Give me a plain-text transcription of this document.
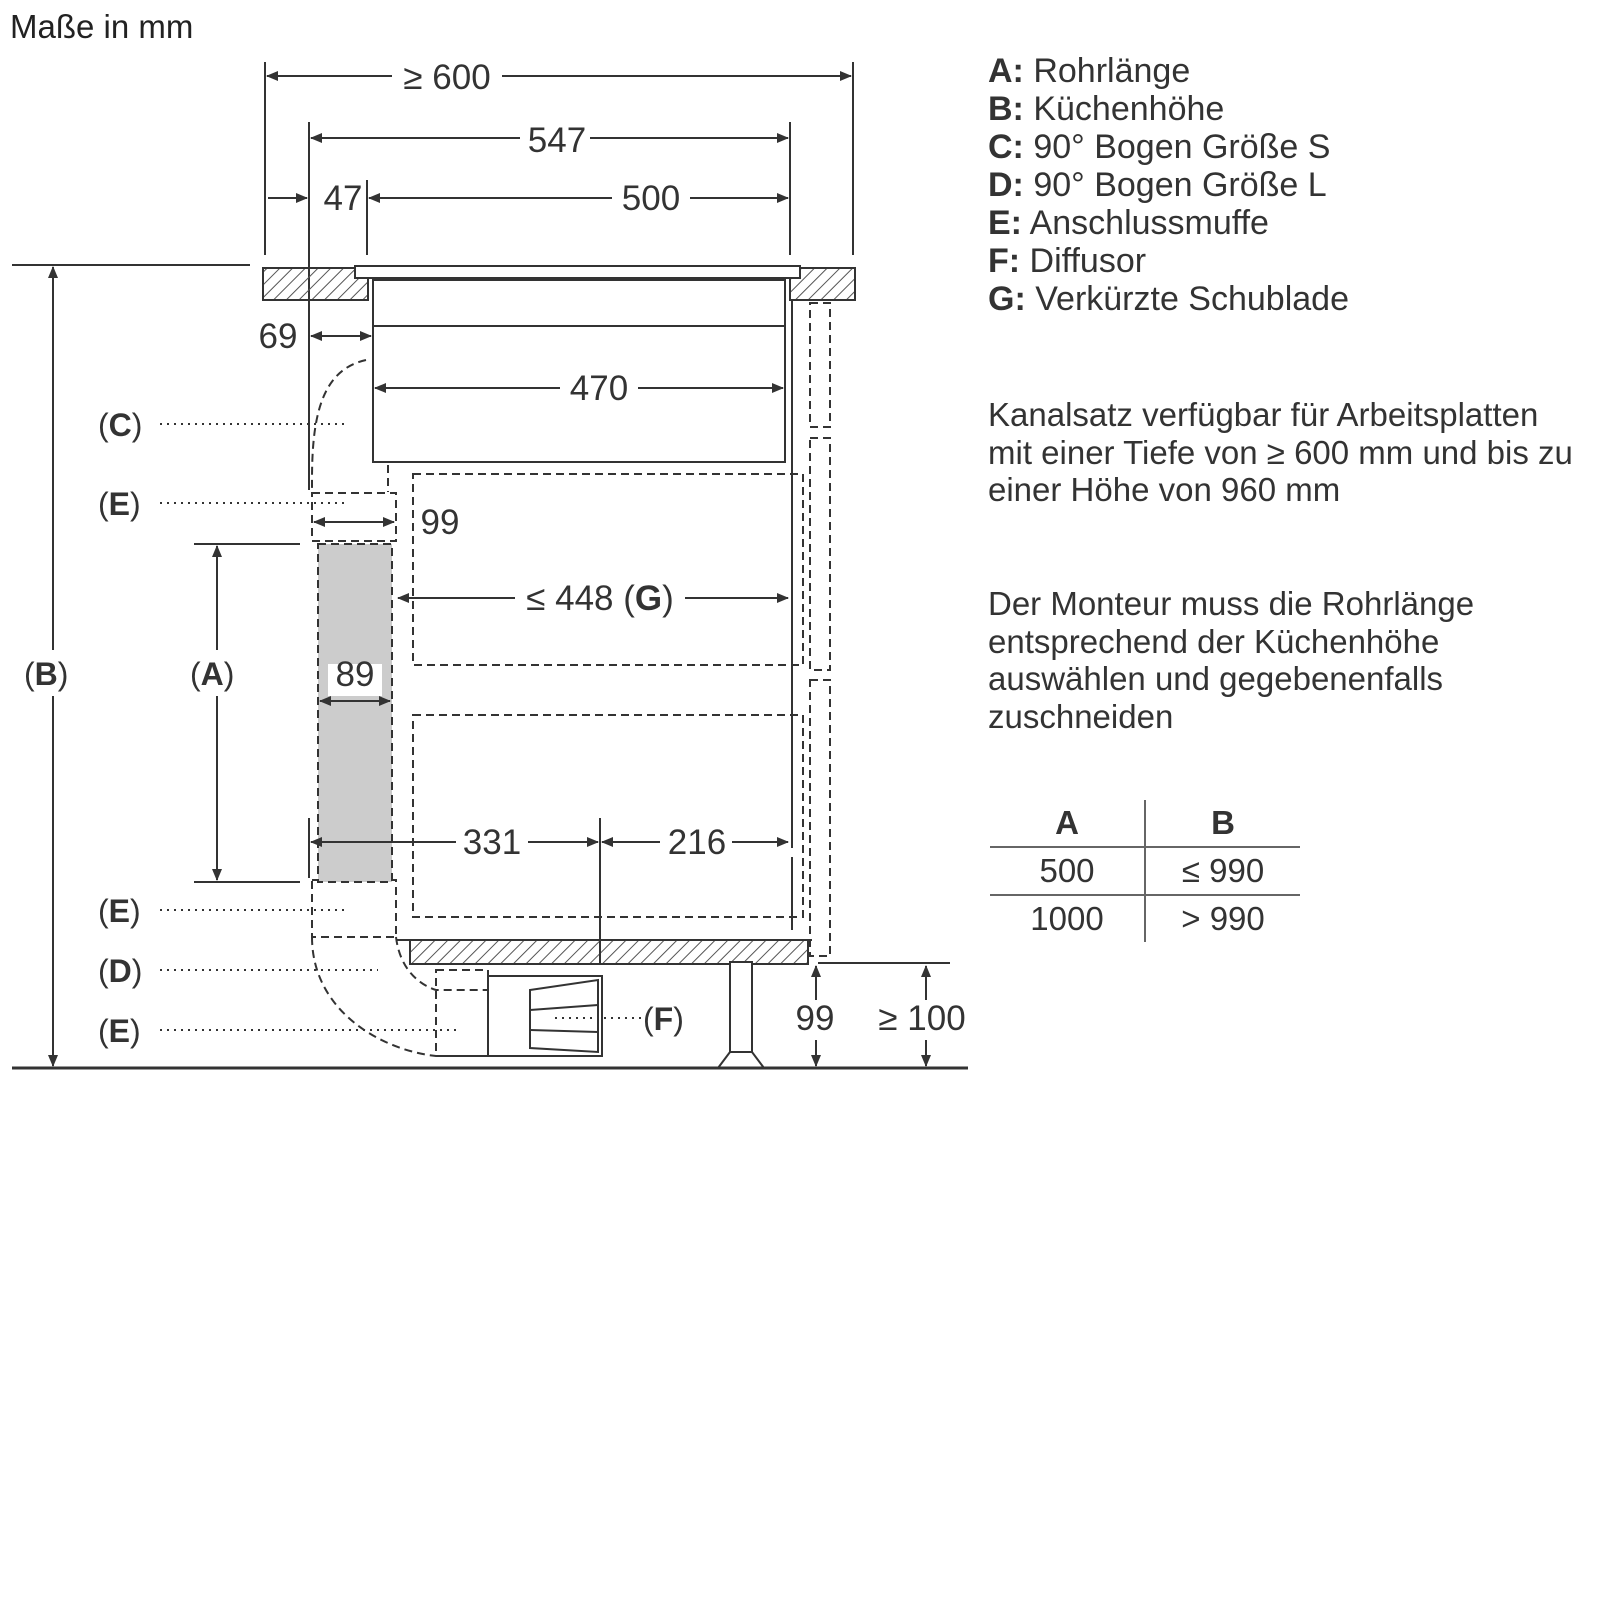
Maße in mm
≥ 600
547
47	500
69
470
99
≤ 448 (G)
89
331	216
99 ≥ 100
(C)
(E)
(E)
(D)
(E)	(F)
(B)	(A)
A: Rohrlänge
B: Küchenhöhe
C: 90° Bogen Größe S
D: 90° Bogen Größe L
E: Anschlussmuffe
F: Diffusor
G: Verkürzte Schublade
Kanalsatz verfügbar für Arbeitsplatten mit einer Tiefe von ≥ 600 mm und bis zu einer Höhe von 960 mm
Der Monteur muss die Rohrlänge entsprechend der Küchenhöhe auswählen und gegebenenfalls zuschneiden
A	B
500	≤ 990
1000	> 990
